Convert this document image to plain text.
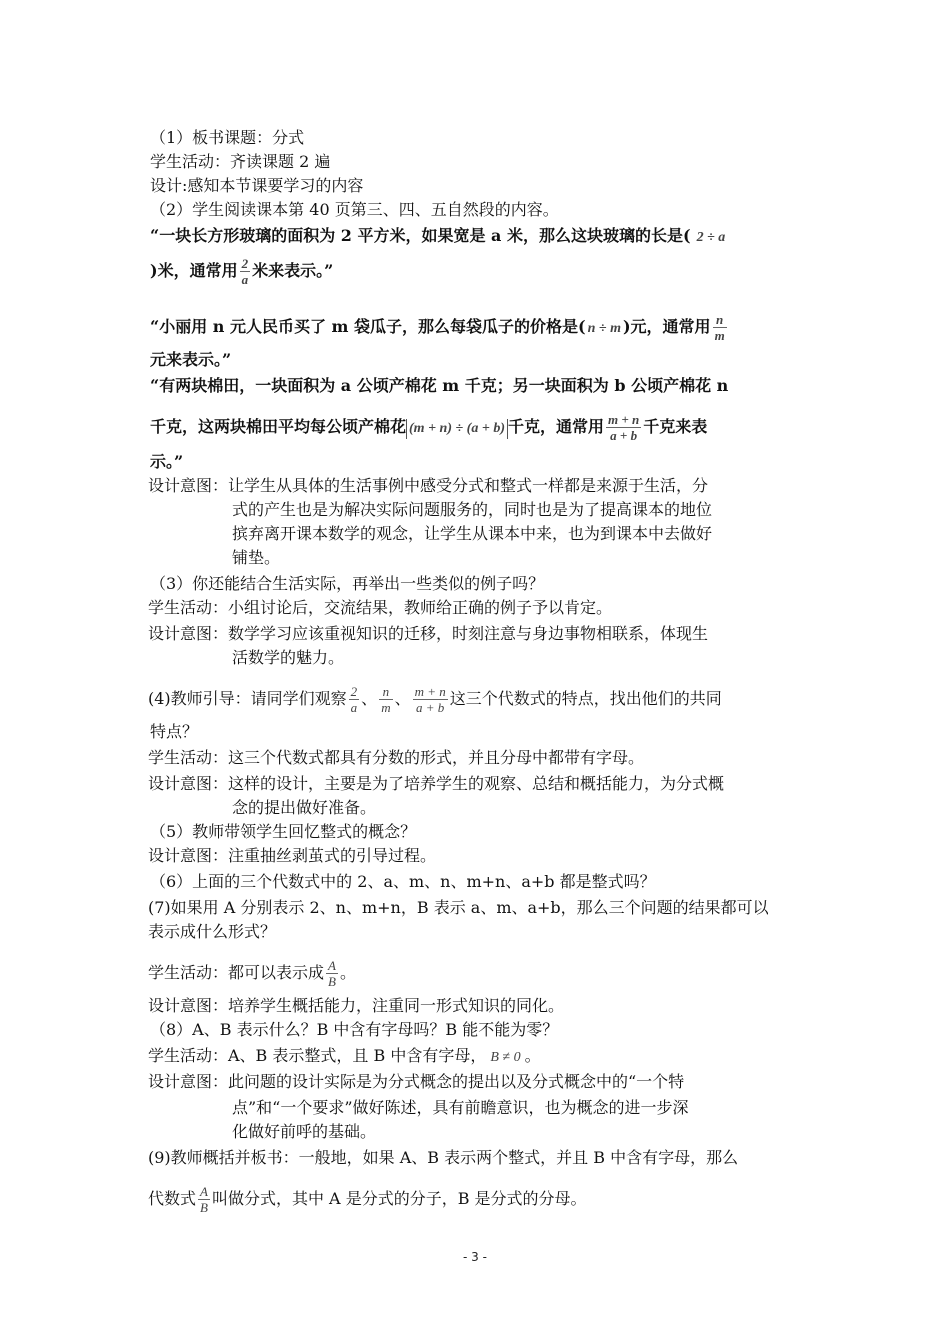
（1）板书课题：分式
学生活动：齐读课题 2 遍
设计:感知本节课要学习的内容
（2）学生阅读课本第 40 页第三、四、五自然段的内容。
“一块长方形玻璃的面积为 2 平方米，如果宽是 a 米，那么这块玻璃的长是( 2 ÷ a
)米，通常用 $\frac{2}{a}$ 米来表示。”
“小丽用 n 元人民币买了 m 袋瓜子，那么每袋瓜子的价格是( n ÷ m )元，通常用 $\frac{n}{m}$
元来表示。”
“有两块棉田，一块面积为 a 公顷产棉花 m 千克；另一块面积为 b 公顷产棉花 n
千克，这两块棉田平均每公顷产棉花 (m + n) ÷ (a + b) 千克，通常用 $\frac{m + n}{a + b}$ 千克来表
示。”
设计意图：让学生从具体的生活事例中感受分式和整式一样都是来源于生活，分
式的产生也是为解决实际问题服务的，同时也是为了提高课本的地位
摈弃离开课本数学的观念，让学生从课本中来，也为到课本中去做好
铺垫。
（3）你还能结合生活实际，再举出一些类似的例子吗？
学生活动：小组讨论后，交流结果，教师给正确的例子予以肯定。
设计意图：数学学习应该重视知识的迁移，时刻注意与身边事物相联系，体现生
活数学的魅力。
(4)教师引导：请同学们观察 $\frac{2}{a}$ 、 $\frac{n}{m}$ 、 $\frac{m + n}{a + b}$ 这三个代数式的特点，找出他们的共同
特点？
学生活动：这三个代数式都具有分数的形式，并且分母中都带有字母。
设计意图：这样的设计，主要是为了培养学生的观察、总结和概括能力，为分式概
念的提出做好准备。
（5）教师带领学生回忆整式的概念？
设计意图：注重抽丝剥茧式的引导过程。
（6）上面的三个代数式中的 2、a、m、n、m+n、a+b 都是整式吗？
(7)如果用 A 分别表示 2、n、m+n，B 表示 a、m、a+b，那么三个问题的结果都可以
表示成什么形式？
学生活动：都可以表示成 $\frac{A}{B}$ 。
设计意图：培养学生概括能力，注重同一形式知识的同化。
（8）A、B 表示什么？B 中含有字母吗？B 能不能为零？
学生活动：A、B 表示整式，且 B 中含有字母， B ≠ 0 。
设计意图：此问题的设计实际是为分式概念的提出以及分式概念中的“一个特
点”和“一个要求”做好陈述，具有前瞻意识，也为概念的进一步深
化做好前呼的基础。
(9)教师概括并板书：一般地，如果 A、B 表示两个整式，并且 B 中含有字母，那么
代数式 $\frac{A}{B}$ 叫做分式，其中 A 是分式的分子，B 是分式的分母。
- 3 -
